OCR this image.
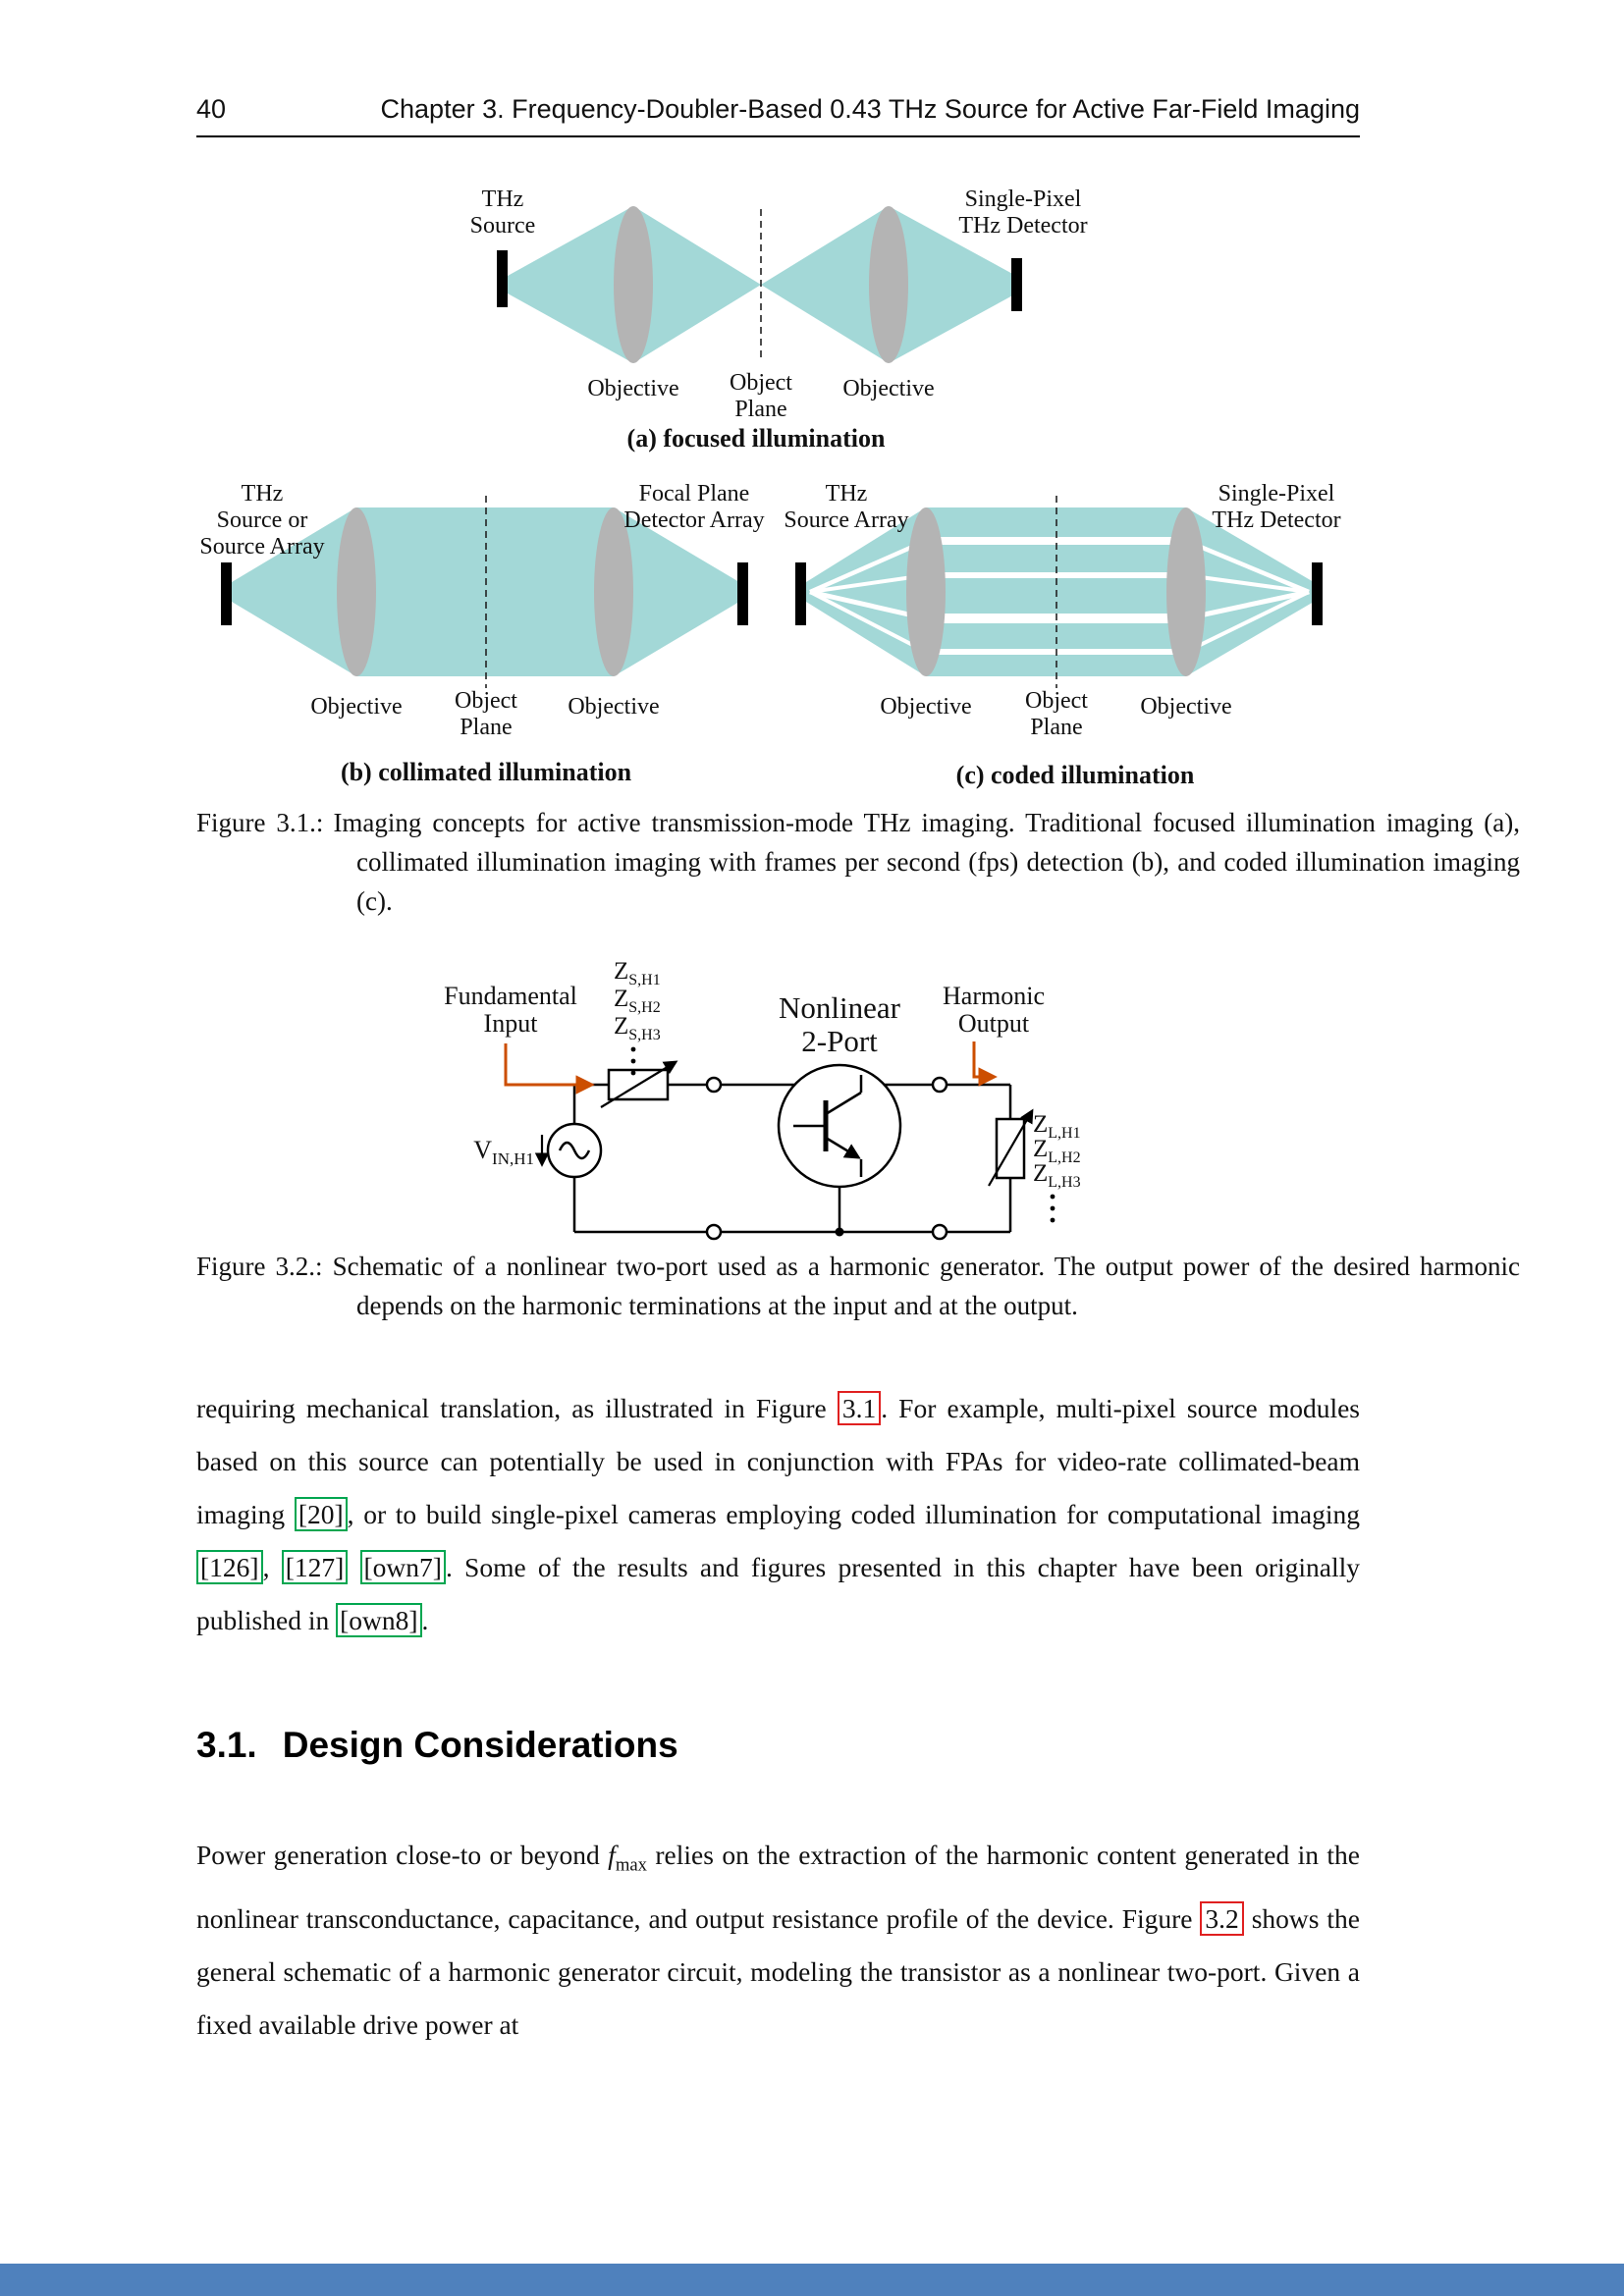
40	Chapter 3. Frequency-Doubler-Based 0.43 THz Source for Active Far-Field Imaging
THz
Source
Single-Pixel
THz Detector
Objective Object
Plane
Objective
(a) focused illumination
THz
Source or
Source Array
Focal Plane
Detector Array
Objective Object
Plane
Objective
(b) collimated illumination
THz
Source Array
Single-Pixel
THz Detector
Objective Object
Plane
Objective
(c) coded illumination
Figure 3.1.: Imaging concepts for active transmission-mode THz imaging. Traditional focused illumination imaging (a), collimated illumination imaging with frames per second (fps) detection (b), and coded illumination imaging (c).
VIN,H1
Fundamental
Input
Harmonic
Output
Nonlinear
2-Port
ZS,H1
ZS,H2
ZS,H3
ZL,H1
ZL,H2
ZL,H3
Figure 3.2.: Schematic of a nonlinear two-port used as a harmonic generator. The output power of the desired harmonic depends on the harmonic terminations at the input and at the output.

requiring mechanical translation, as illustrated in Figure 3.1 . For example, multi-pixel source modules based on this source can potentially be used in conjunction with FPAs for video-rate collimated-beam imaging [20] , or to build single-pixel cameras employing coded illumination for computational imaging [126] , [127] [own7] . Some of the results and figures presented in this chapter have been originally published in [own8] .

3.1. Design Considerations

Power generation close-to or beyond $f_{max}$ relies on the extraction of the harmonic content generated in the nonlinear transconductance, capacitance, and output resistance profile of the device. Figure 3.2 shows the general schematic of a harmonic generator circuit, modeling the transistor as a nonlinear two-port. Given a fixed available drive power at
